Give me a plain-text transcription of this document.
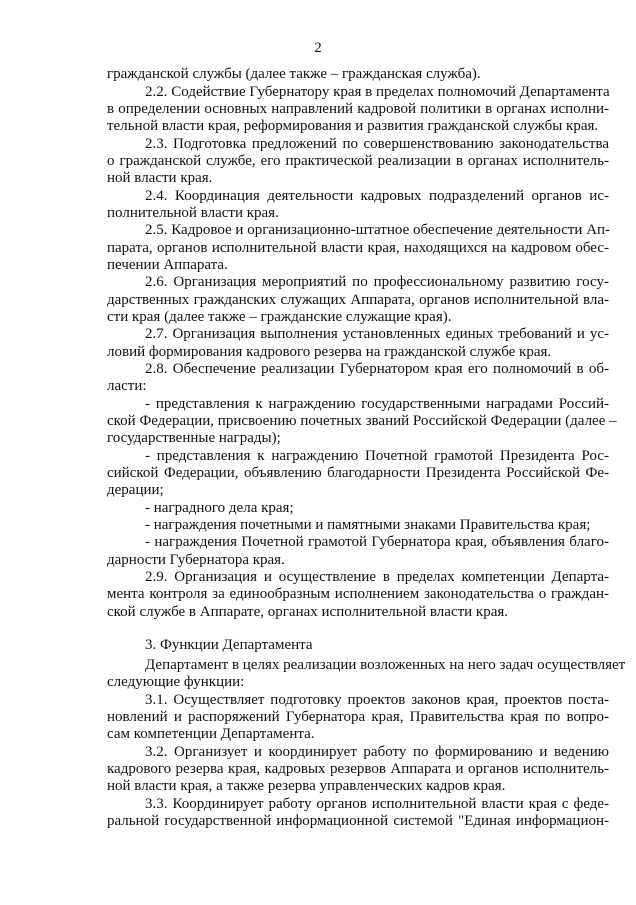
2
гражданской службы (далее также – гражданская служба).
2.2. Содействие Губернатору края в пределах полномочий Департамента
в определении основных направлений кадровой политики в органах исполни-
тельной власти края, реформирования и развития гражданской службы края.
2.3. Подготовка предложений по совершенствованию законодательства
о гражданской службе, его практической реализации в органах исполнитель-
ной власти края.
2.4. Координация деятельности кадровых подразделений органов ис-
полнительной власти края.
2.5. Кадровое и организационно-штатное обеспечение деятельности Ап-
парата, органов исполнительной власти края, находящихся на кадровом обес-
печении Аппарата.
2.6. Организация мероприятий по профессиональному развитию госу-
дарственных гражданских служащих Аппарата, органов исполнительной вла-
сти края (далее также – гражданские служащие края).
2.7. Организация выполнения установленных единых требований и ус-
ловий формирования кадрового резерва на гражданской службе края.
2.8. Обеспечение реализации Губернатором края его полномочий в об-
ласти:
- представления к награждению государственными наградами Россий-
ской Федерации, присвоению почетных званий Российской Федерации (далее –
государственные награды);
- представления к награждению Почетной грамотой Президента Рос-
сийской Федерации, объявлению благодарности Президента Российской Фе-
дерации;
- наградного дела края;
- награждения почетными и памятными знаками Правительства края;
- награждения Почетной грамотой Губернатора края, объявления благо-
дарности Губернатора края.
2.9. Организация и осуществление в пределах компетенции Департа-
мента контроля за единообразным исполнением законодательства о граждан-
ской службе в Аппарате, органах исполнительной власти края.
3. Функции Департамента
Департамент в целях реализации возложенных на него задач осуществляет
следующие функции:
3.1. Осуществляет подготовку проектов законов края, проектов поста-
новлений и распоряжений Губернатора края, Правительства края по вопро-
сам компетенции Департамента.
3.2. Организует и координирует работу по формированию и ведению
кадрового резерва края, кадровых резервов Аппарата и органов исполнитель-
ной власти края, а также резерва управленческих кадров края.
3.3. Координирует работу органов исполнительной власти края с феде-
ральной государственной информационной системой "Единая информацион-
